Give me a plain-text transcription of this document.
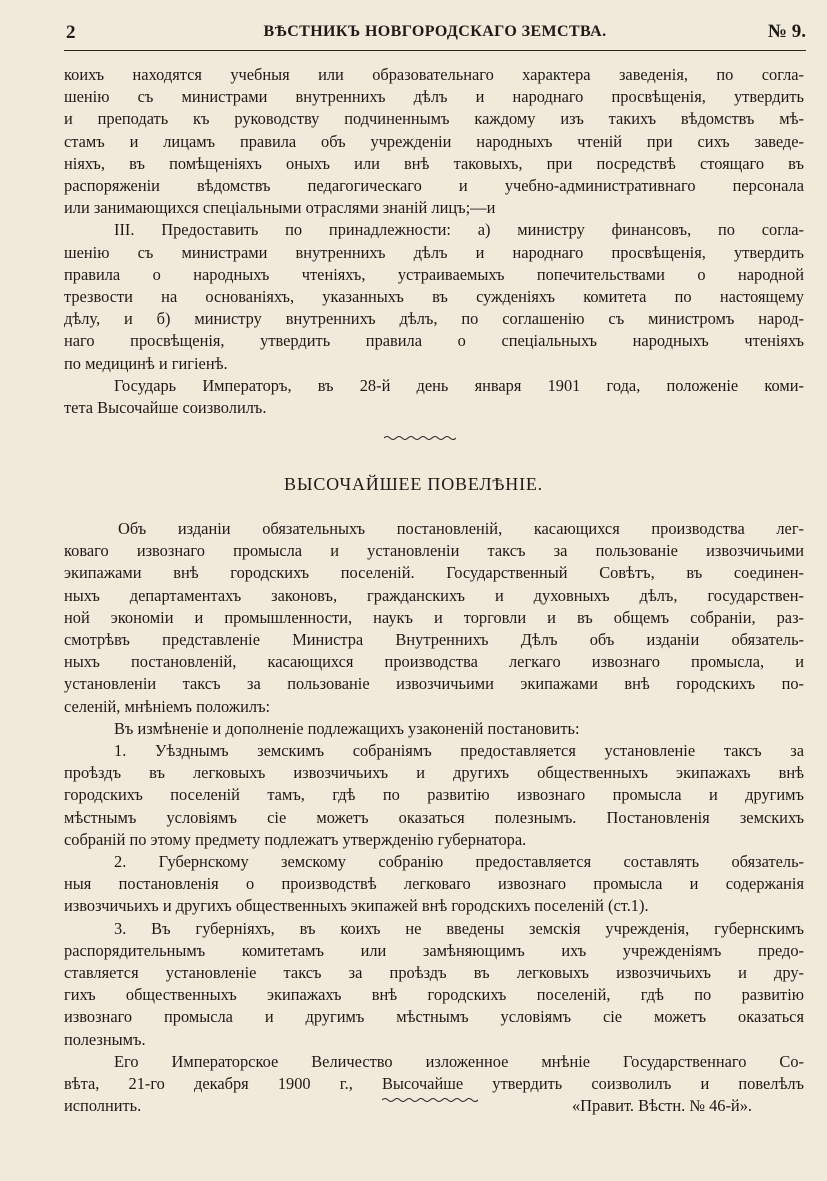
2	ВѢСТНИКЪ НОВГОРОДСКАГО ЗЕМСТВА.	№ 9.
коихъ находятся учебныя или образовательнаго характера заведенія, по согла-
шенію съ министрами внутреннихъ дѣлъ и народнаго просвѣщенія, утвердить
и преподать къ руководству подчиненнымъ каждому изъ такихъ вѣдомствъ мѣ-
стамъ и лицамъ правила объ учрежденіи народныхъ чтеній при сихъ заведе-
ніяхъ, въ помѣщеніяхъ оныхъ или внѣ таковыхъ, при посредствѣ стоящаго въ
распоряженіи вѣдомствъ педагогическаго и учебно-административнаго персонала
или занимающихся спеціальными отраслями знаній лицъ;—и
III. Предоставить по принадлежности: а) министру финансовъ, по согла-
шенію съ министрами внутреннихъ дѣлъ и народнаго просвѣщенія, утвердить
правила о народныхъ чтеніяхъ, устраиваемыхъ попечительствами о народной
трезвости на основаніяхъ, указанныхъ въ сужденіяхъ комитета по настоящему
дѣлу, и б) министру внутреннихъ дѣлъ, по соглашенію съ министромъ народ-
наго просвѣщенія, утвердить правила о спеціальныхъ народныхъ чтеніяхъ
по медицинѣ и гигіенѣ.
Государь Императоръ, въ 28-й день января 1901 года, положеніе коми-
тета Высочайше соизволилъ.
ВЫСОЧАЙШЕЕ ПОВЕЛѢНІЕ.
Объ изданіи обязательныхъ постановленій, касающихся производства лег-
коваго извознаго промысла и установленіи таксъ за пользованіе извозчичьими
экипажами внѣ городскихъ поселеній. Государственный Совѣтъ, въ соединен-
ныхъ департаментахъ законовъ, гражданскихъ и духовныхъ дѣлъ, государствен-
ной экономіи и промышленности, наукъ и торговли и въ общемъ собраніи, раз-
смотрѣвъ представленіе Министра Внутреннихъ Дѣлъ объ изданіи обязатель-
ныхъ постановленій, касающихся производства легкаго извознаго промысла, и
установленіи таксъ за пользованіе извозчичьими экипажами внѣ городскихъ по-
селеній, мнѣніемъ положилъ:
Въ измѣненіе и дополненіе подлежащихъ узаконеній постановить:
1. Уѣзднымъ земскимъ собраніямъ предоставляется установленіе таксъ за
проѣздъ въ легковыхъ извозчичьихъ и другихъ общественныхъ экипажахъ внѣ
городскихъ поселеній тамъ, гдѣ по развитію извознаго промысла и другимъ
мѣстнымъ условіямъ сіе можетъ оказаться полезнымъ. Постановленія земскихъ
собраній по этому предмету подлежатъ утвержденію губернатора.
2. Губернскому земскому собранію предоставляется составлять обязатель-
ныя постановленія о производствѣ легковаго извознаго промысла и содержанія
извозчичьихъ и другихъ общественныхъ экипажей внѣ городскихъ поселеній (ст.1).
3. Въ губерніяхъ, въ коихъ не введены земскія учрежденія, губернскимъ
распорядительнымъ комитетамъ или замѣняющимъ ихъ учрежденіямъ предо-
ставляется установленіе таксъ за проѣздъ въ легковыхъ извозчичьихъ и дру-
гихъ общественныхъ экипажахъ внѣ городскихъ поселеній, гдѣ по развитію
извознаго промысла и другимъ мѣстнымъ условіямъ сіе можетъ оказаться
полезнымъ.
Его Императорское Величество изложенное мнѣніе Государственнаго Со-
вѣта, 21-го декабря 1900 г., Высочайше утвердить соизволилъ и повелѣлъ
исполнить.	«Правит. Вѣстн. № 46-й».
